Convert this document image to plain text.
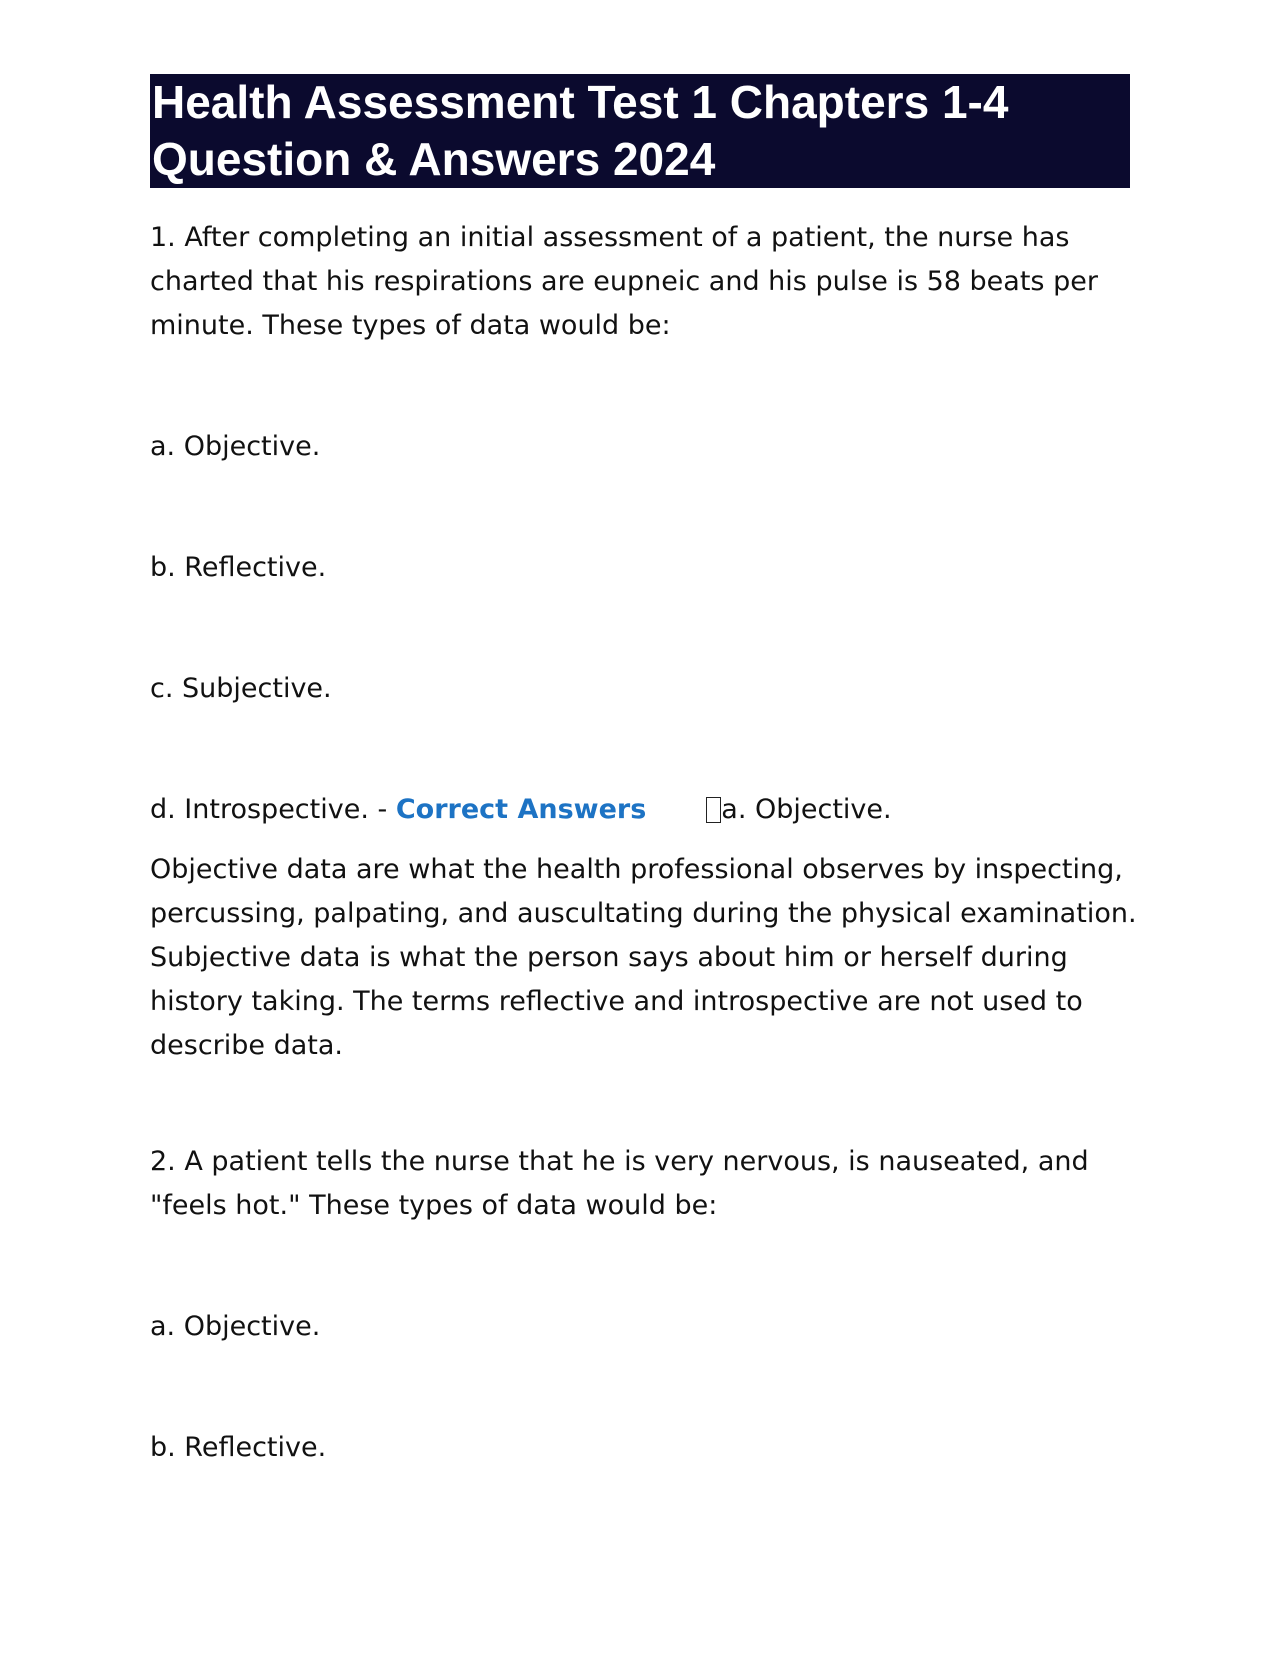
Health Assessment Test 1 Chapters 1-4
Question & Answers 2024

1. After completing an initial assessment of a patient, the nurse has

charted that his respirations are eupneic and his pulse is 58 beats per

minute. These types of data would be:

a. Objective.

b. Reflective.

c. Subjective.

d. Introspective. - Correct Answers	a. Objective.

Objective data are what the health professional observes by inspecting,

percussing, palpating, and auscultating during the physical examination.

Subjective data is what the person says about him or herself during

history taking. The terms reflective and introspective are not used to

describe data.

2. A patient tells the nurse that he is very nervous, is nauseated, and

"feels hot." These types of data would be:

a. Objective.

b. Reflective.
